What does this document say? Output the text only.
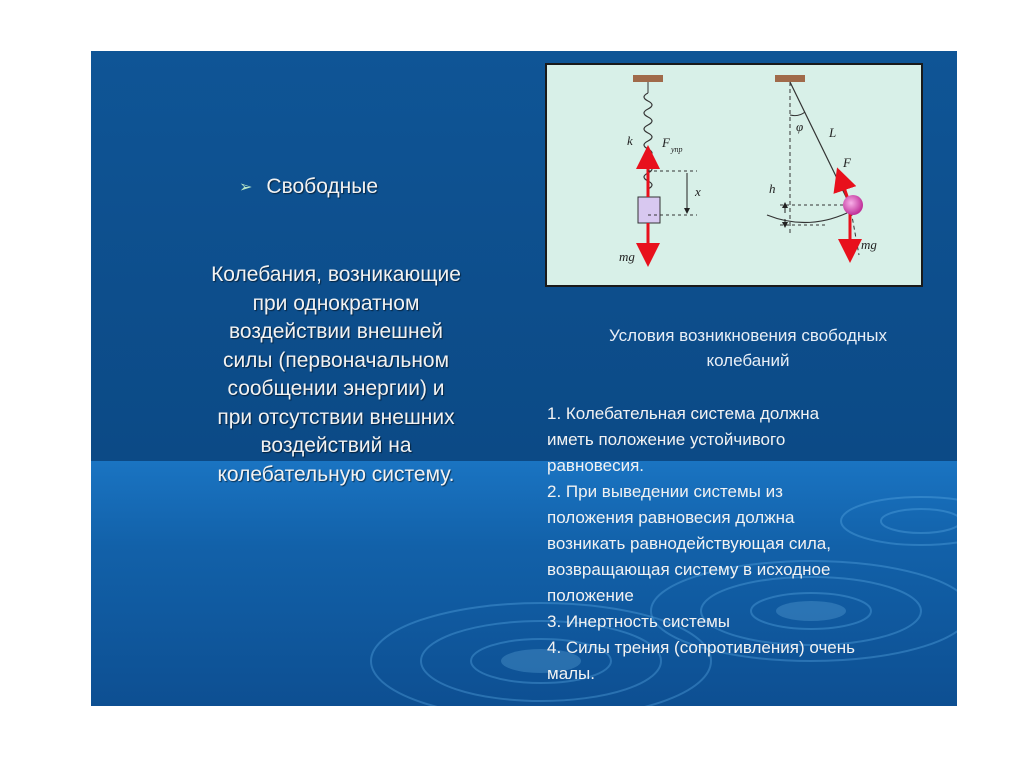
➢ Свободные
Колебания, возникающие
при однократном
воздействии внешней
силы (первоначальном
сообщении энергии) и
при отсутствии внешних
воздействий на
колебательную систему.
k F упр
x
mg
φ L
F
h
mg
Условия возникновения свободных
колебаний
1. Колебательная система должна
иметь положение устойчивого
равновесия.
2. При выведении системы из
положения равновесия должна
возникать равнодействующая сила,
возвращающая систему в исходное
положение
3. Инертность системы
4. Силы трения (сопротивления) очень
малы.
